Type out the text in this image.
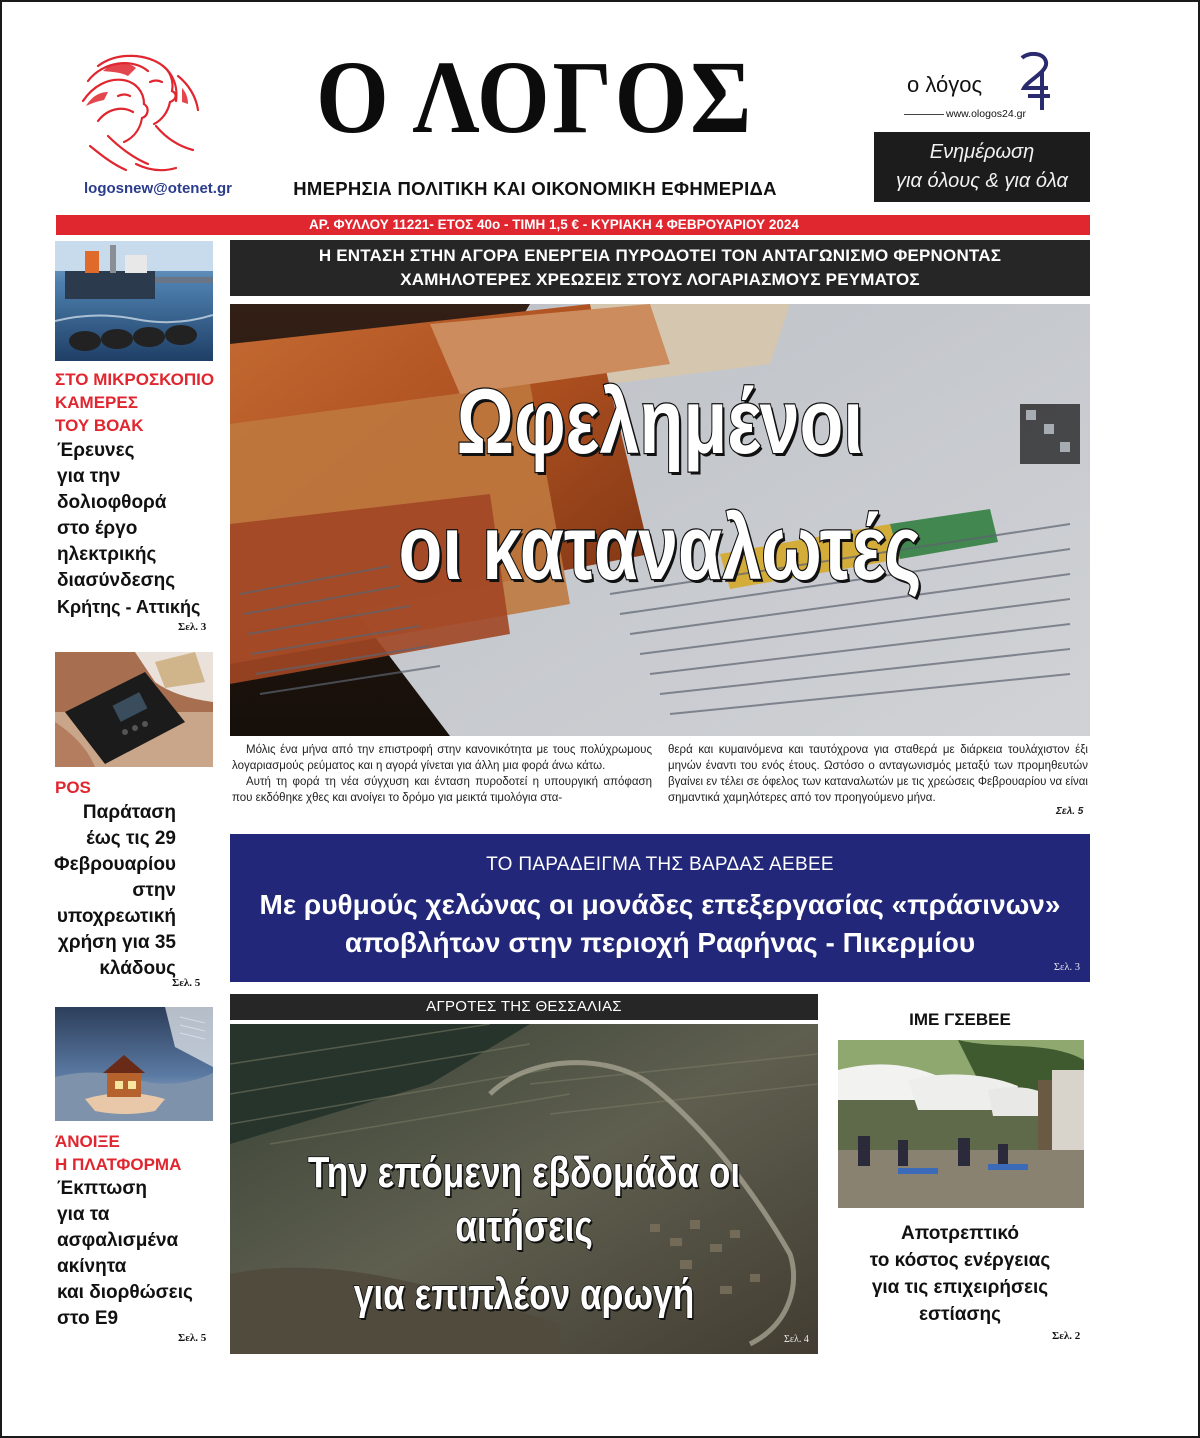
logosnew@otenet.gr
Ο ΛΟΓΟΣ
ΗΜΕΡΗΣΙΑ ΠΟΛΙΤΙΚΗ ΚΑΙ ΟΙΚΟΝΟΜΙΚΗ ΕΦΗΜΕΡΙΔΑ
ο λόγος
www.ologos24.gr
Ενημέρωση
για όλους & για όλα
ΑΡ. ΦΥΛΛΟΥ 11221- ΕΤΟΣ 40ο - ΤΙΜΗ 1,5 € - ΚΥΡΙΑΚΗ 4 ΦΕΒΡΟΥΑΡΙΟΥ 2024
ΣΤΟ ΜΙΚΡΟΣΚΟΠΙΟ
ΚΑΜΕΡΕΣ
ΤΟΥ ΒΟΑΚ
Έρευνες
για την
δολιοφθορά
στο έργο
ηλεκτρικής
διασύνδεσης
Κρήτης - Αττικής
Σελ. 3
POS
Παράταση
έως τις 29
Φεβρουαρίου
στην
υποχρεωτική
χρήση για 35
κλάδους
Σελ. 5
ΆΝΟΙΞΕ
Η ΠΛΑΤΦΟΡΜΑ
Έκπτωση
για τα
ασφαλισμένα
ακίνητα
και διορθώσεις
στο Ε9
Σελ. 5
Η ΕΝΤΑΣΗ ΣΤΗΝ ΑΓΟΡΑ ΕΝΕΡΓΕΙΑ ΠΥΡΟΔΟΤΕΙ ΤΟΝ ΑΝΤΑΓΩΝΙΣΜΟ ΦΕΡΝΟΝΤΑΣ
ΧΑΜΗΛΟΤΕΡΕΣ ΧΡΕΩΣΕΙΣ ΣΤΟΥΣ ΛΟΓΑΡΙΑΣΜΟΥΣ ΡΕΥΜΑΤΟΣ
Ωφελημένοι
οι καταναλωτές

Μόλις ένα μήνα από την επιστροφή στην κανονικότητα με τους πολύχρωμους λογαριασμούς ρεύματος και η αγορά γίνεται για άλλη μια φορά άνω κάτω.

Αυτή τη φορά τη νέα σύγχυση και ένταση πυροδοτεί η υπουργική απόφαση που εκδόθηκε χθες και ανοίγει το δρόμο για μεικτά τιμολόγια στα-

θερά και κυμαινόμενα και ταυτόχρονα για σταθερά με διάρκεια τουλάχιστον έξι μηνών έναντι του ενός έτους. Ωστόσο ο ανταγωνισμός μεταξύ των προμηθευτών βγαίνει εν τέλει σε όφελος των καταναλωτών με τις χρεώσεις Φεβρουαρίου να είναι σημαντικά χαμηλότερες από τον προηγούμενο μήνα.

Σελ. 5
ΤΟ ΠΑΡΑΔΕΙΓΜΑ ΤΗΣ ΒΑΡΔΑΣ ΑΕΒΕΕ
Με ρυθμούς χελώνας οι μονάδες επεξεργασίας «πράσινων»
αποβλήτων στην περιοχή Ραφήνας - Πικερμίου
Σελ. 3
ΑΓΡΟΤΕΣ ΤΗΣ ΘΕΣΣΑΛΙΑΣ
Την επόμενη εβδομάδα οι αιτήσεις
για επιπλέον αρωγή
Σελ. 4
ΙΜΕ ΓΣΕΒΕΕ
Αποτρεπτικό
το κόστος ενέργειας
για τις επιχειρήσεις
εστίασης
Σελ. 2
